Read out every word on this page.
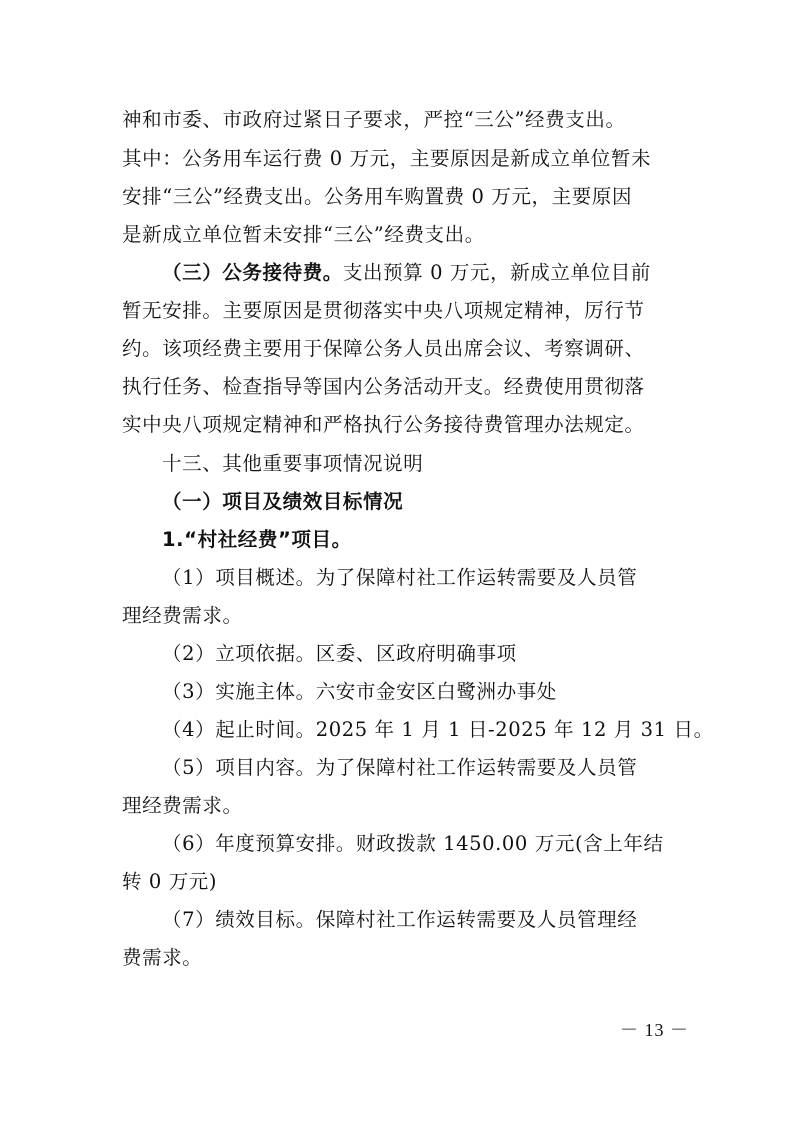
神和市委、市政府过紧日子要求，严控“三公”经费支出。

其中：公务用车运行费 0 万元，主要原因是新成立单位暂未

安排“三公”经费支出。公务用车购置费 0 万元，主要原因

是新成立单位暂未安排“三公”经费支出。

（三）公务接待费。支出预算 0 万元，新成立单位目前

暂无安排。主要原因是贯彻落实中央八项规定精神，厉行节

约。该项经费主要用于保障公务人员出席会议、考察调研、

执行任务、检查指导等国内公务活动开支。经费使用贯彻落

实中央八项规定精神和严格执行公务接待费管理办法规定。

十三、其他重要事项情况说明

（一）项目及绩效目标情况

1.“村社经费”项目。

（1）项目概述。为了保障村社工作运转需要及人员管

理经费需求。

（2）立项依据。区委、区政府明确事项

（3）实施主体。六安市金安区白鹭洲办事处

（4）起止时间。2025 年 1 月 1 日-2025 年 12 月 31 日。

（5）项目内容。为了保障村社工作运转需要及人员管

理经费需求。

（6）年度预算安排。财政拨款 1450.00 万元(含上年结

转 0 万元)

（7）绩效目标。保障村社工作运转需要及人员管理经

费需求。

－ 13 －
